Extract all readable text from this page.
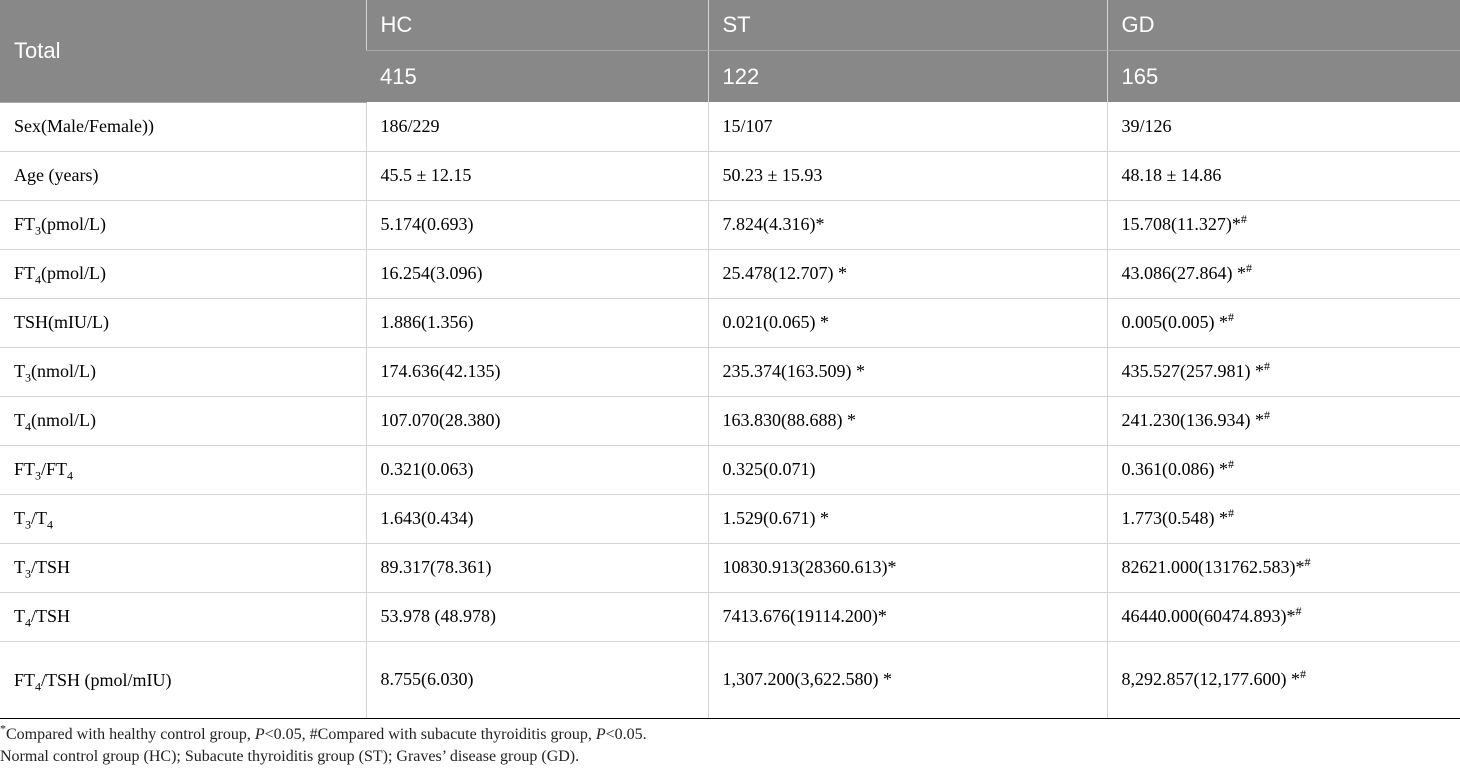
Total	HC	ST	GD
	415	122	165
Sex(Male/Female))	186/229	15/107	39/126
Age (years)	45.5 ± 12.15	50.23 ± 15.93	48.18 ± 14.86
$FT_3(pmol/L)$	5.174(0.693)	7.824(4.316)*	15.708(11.327)*#
$FT_4(pmol/L)$	16.254(3.096)	25.478(12.707) *	43.086(27.864) *#
TSH(mIU/L)	1.886(1.356)	0.021(0.065) *	0.005(0.005) *#
$T_3(nmol/L)$	174.636(42.135)	235.374(163.509) *	435.527(257.981) *#
$T_4(nmol/L)$	107.070(28.380)	163.830(88.688) *	241.230(136.934) *#
$FT_3/FT_4$	0.321(0.063)	0.325(0.071)	0.361(0.086) *#
$T_3/T_4$	1.643(0.434)	1.529(0.671) *	1.773(0.548) *#
$T_3$/TSH	89.317(78.361)	10830.913(28360.613)*	82621.000(131762.583)*#
$T_4$/TSH	53.978 (48.978)	7413.676(19114.200)*	46440.000(60474.893)*#
$FT_4$/TSH (pmol/mIU)	8.755(6.030)	1,307.200(3,622.580) *	8,292.857(12,177.600) *#
*Compared with healthy control group, P<0.05, #Compared with subacute thyroiditis group, P<0.05.
Normal control group (HC); Subacute thyroiditis group (ST); Graves’ disease group (GD).
